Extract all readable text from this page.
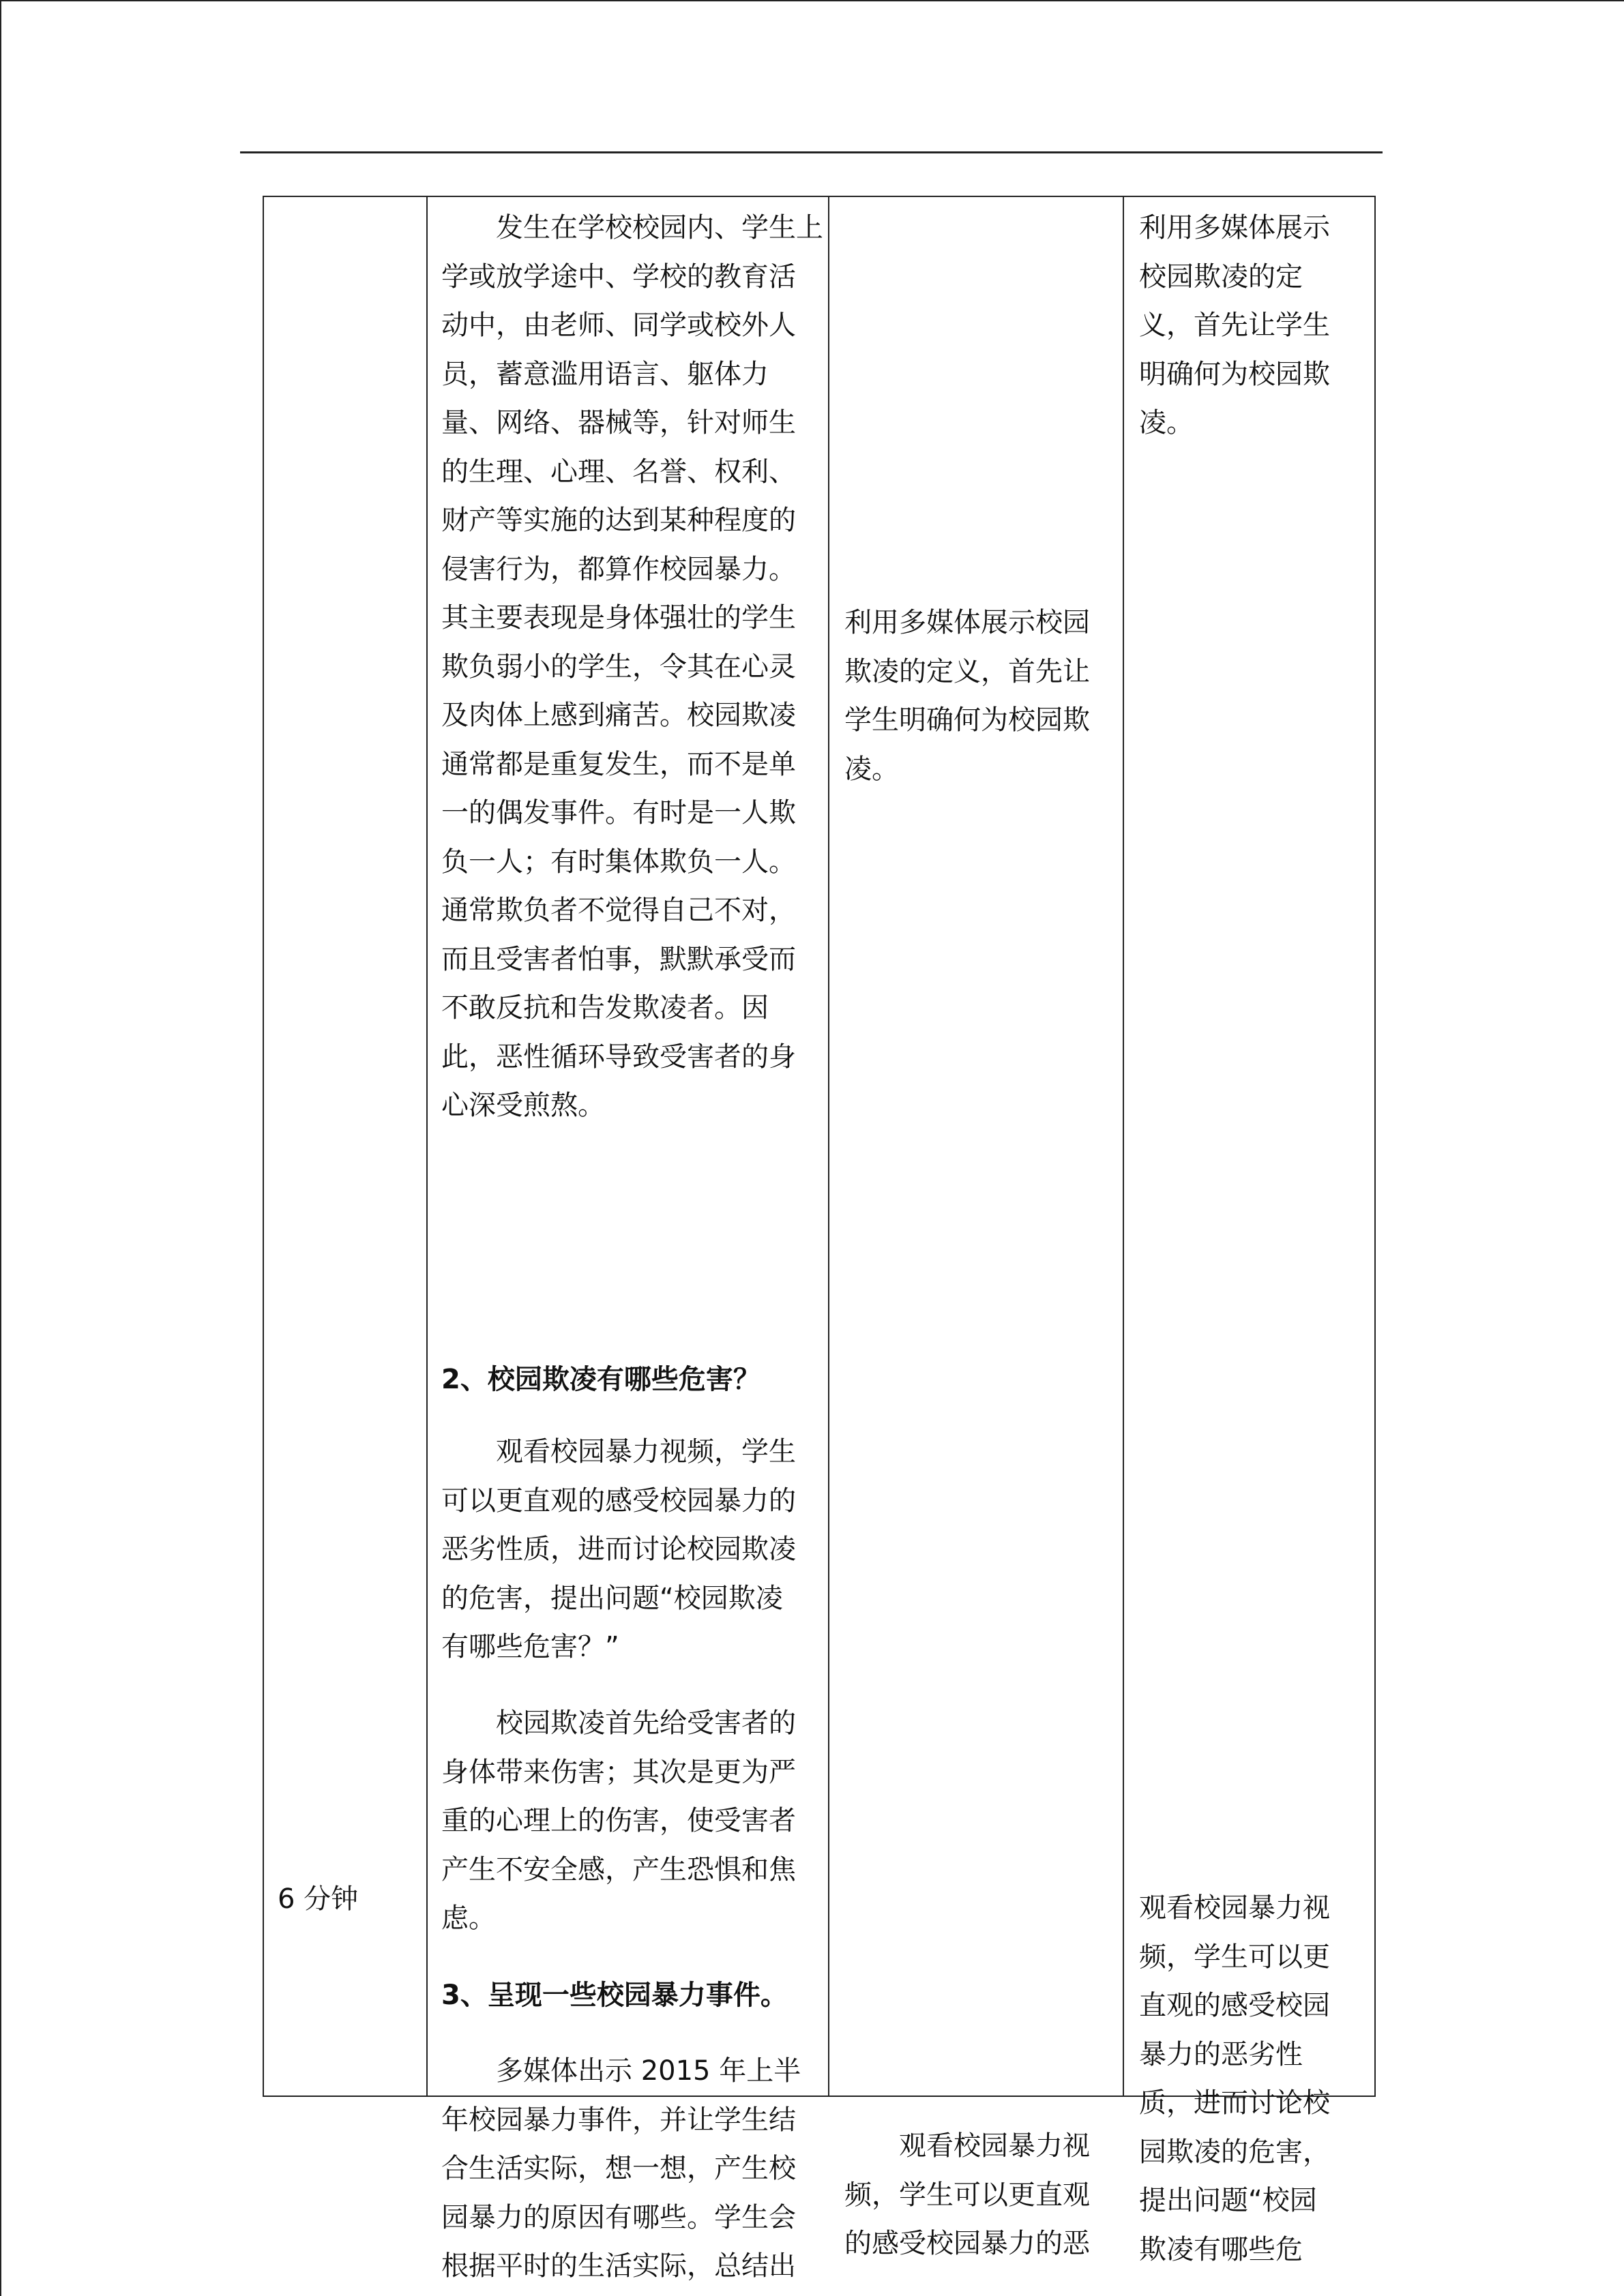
6 分钟
　　发生在学校校园内、学生上
学或放学途中、学校的教育活
动中，由老师、同学或校外人
员，蓄意滥用语言、躯体力
量、网络、器械等，针对师生
的生理、心理、名誉、权利、
财产等实施的达到某种程度的
侵害行为，都算作校园暴力。
其主要表现是身体强壮的学生
欺负弱小的学生，令其在心灵
及肉体上感到痛苦。校园欺凌
通常都是重复发生，而不是单
一的偶发事件。有时是一人欺
负一人；有时集体欺负一人。
通常欺负者不觉得自己不对，
而且受害者怕事，默默承受而
不敢反抗和告发欺凌者。因
此，恶性循环导致受害者的身
心深受煎熬。
2、校园欺凌有哪些危害？
　　观看校园暴力视频，学生
可以更直观的感受校园暴力的
恶劣性质，进而讨论校园欺凌
的危害，提出问题“校园欺凌
有哪些危害？”
　　校园欺凌首先给受害者的
身体带来伤害；其次是更为严
重的心理上的伤害，使受害者
产生不安全感，产生恐惧和焦
虑。
3、呈现一些校园暴力事件。
　　多媒体出示 2015 年上半
年校园暴力事件，并让学生结
合生活实际，想一想，产生校
园暴力的原因有哪些。学生会
根据平时的生活实际，总结出
利用多媒体展示校园
欺凌的定义，首先让
学生明确何为校园欺
凌。
　　观看校园暴力视
频，学生可以更直观
的感受校园暴力的恶
利用多媒体展示
校园欺凌的定
义，首先让学生
明确何为校园欺
凌。
观看校园暴力视
频，学生可以更
直观的感受校园
暴力的恶劣性
质，进而讨论校
园欺凌的危害，
提出问题“校园
欺凌有哪些危
